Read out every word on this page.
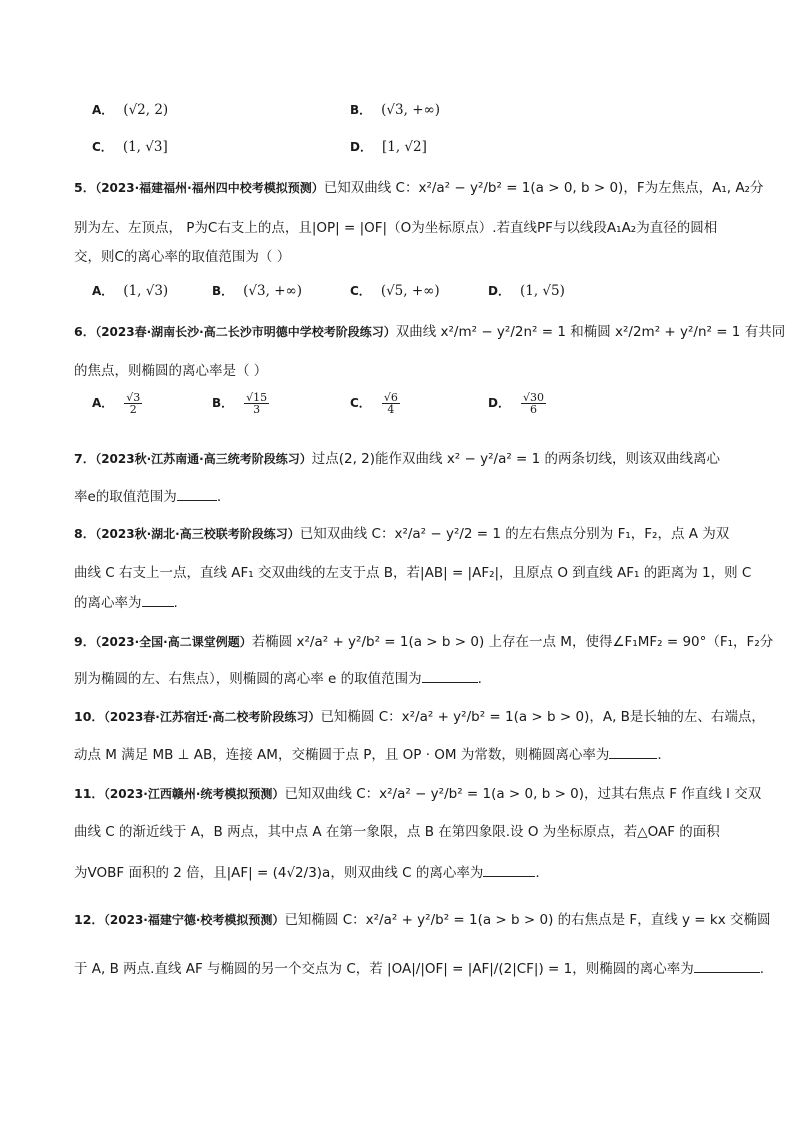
A． (√2, 2)	B． (√3, +∞)
C． (1, √3]	D． [1, √2]
5．（2023·福建福州·福州四中校考模拟预测）已知双曲线 C：x²/a² − y²/b² = 1(a > 0, b > 0)，F为左焦点，A₁, A₂分
别为左、左顶点， P为C右支上的点，且|OP| = |OF|（O为坐标原点）.若直线PF与以线段A₁A₂为直径的圆相
交，则C的离心率的取值范围为（ ）
A． (1, √3)	B． (√3, +∞)	C． (√5, +∞)	D． (1, √5)
6．（2023春·湖南长沙·高二长沙市明德中学校考阶段练习）双曲线 x²/m² − y²/2n² = 1 和椭圆 x²/2m² + y²/n² = 1 有共同
的焦点，则椭圆的离心率是（ ）
A． $\frac{√3}{2}$	B． $\frac{√15}{3}$	C． $\frac{√6}{4}$	D． $\frac{√30}{6}$
7．（2023秋·江苏南通·高三统考阶段练习）过点(2, 2)能作双曲线 x² − y²/a² = 1 的两条切线，则该双曲线离心
率e的取值范围为	.
8．（2023秋·湖北·高三校联考阶段练习）已知双曲线 C：x²/a² − y²/2 = 1 的左右焦点分别为 F₁，F₂，点 A 为双
曲线 C 右支上一点，直线 AF₁ 交双曲线的左支于点 B，若|AB| = |AF₂|，且原点 O 到直线 AF₁ 的距离为 1，则 C
的离心率为 .
9．（2023·全国·高二课堂例题）若椭圆 x²/a² + y²/b² = 1(a > b > 0) 上存在一点 M，使得∠F₁MF₂ = 90°（F₁，F₂分
别为椭圆的左、右焦点），则椭圆的离心率 e 的取值范围为	.
10．（2023春·江苏宿迁·高二校考阶段练习）已知椭圆 C：x²/a² + y²/b² = 1(a > b > 0)，A, B是长轴的左、右端点，
动点 M 满足 MB ⊥ AB，连接 AM，交椭圆于点 P，且 OP · OM 为常数，则椭圆离心率为	.
11．（2023·江西赣州·统考模拟预测）已知双曲线 C：x²/a² − y²/b² = 1(a > 0, b > 0)，过其右焦点 F 作直线 l 交双
曲线 C 的渐近线于 A，B 两点，其中点 A 在第一象限，点 B 在第四象限.设 O 为坐标原点，若△OAF 的面积
为VOBF 面积的 2 倍，且|AF| = (4√2/3)a，则双曲线 C 的离心率为	.
12．（2023·福建宁德·校考模拟预测）已知椭圆 C：x²/a² + y²/b² = 1(a > b > 0) 的右焦点是 F，直线 y = kx 交椭圆
于 A, B 两点.直线 AF 与椭圆的另一个交点为 C，若 |OA|/|OF| = |AF|/(2|CF|) = 1，则椭圆的离心率为	.
